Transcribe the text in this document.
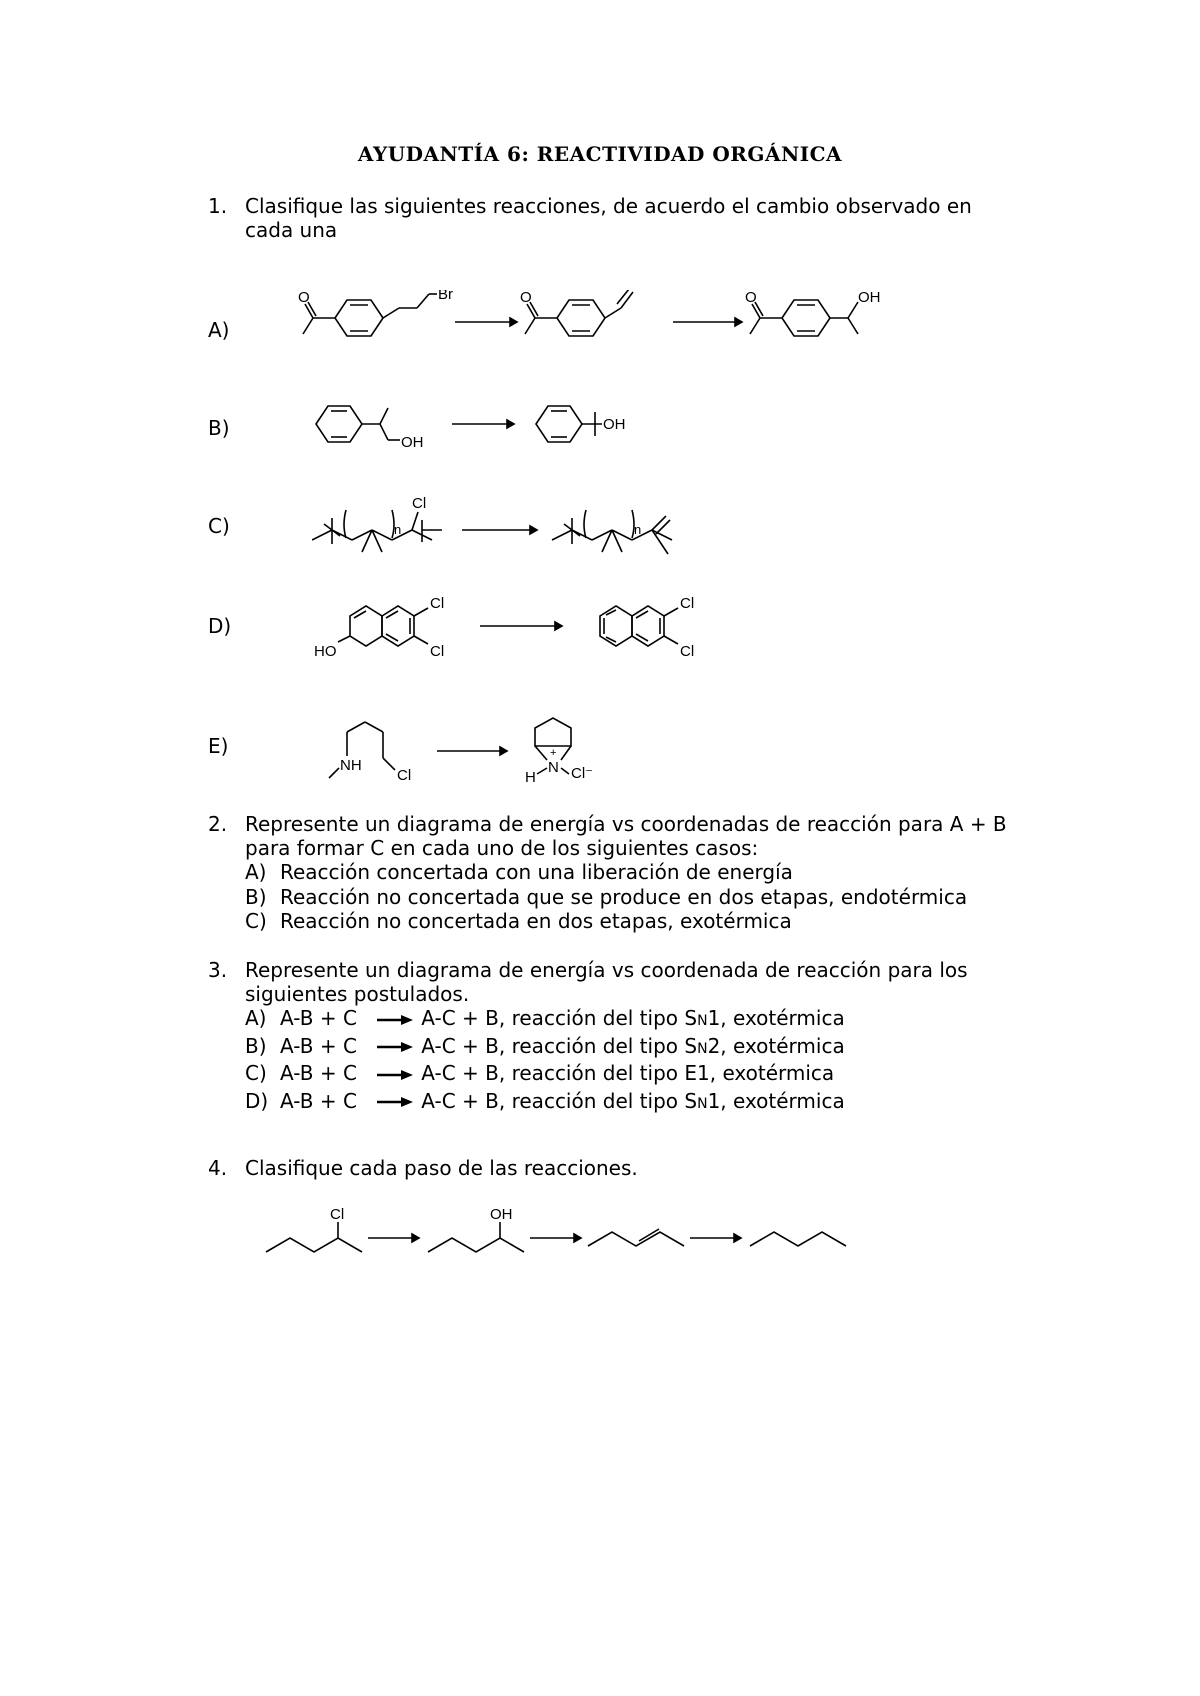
AYUDANTÍA 6: REACTIVIDAD ORGÁNICA
1. Clasifique las siguientes reacciones, de acuerdo el cambio observado en
cada una
A)
O	Br	O	O	OH
B)
OH
OH
C)	n
Cl
n
D)
HO
Cl
Cl
Cl
Cl
E)
NH
Cl
+
N
H Cl⁻
2. Represente un diagrama de energía vs coordenadas de reacción para A + B
para formar C en cada uno de los siguientes casos:
A) Reacción concertada con una liberación de energía
B) Reacción no concertada que se produce en dos etapas, endotérmica
C) Reacción no concertada en dos etapas, exotérmica
3. Represente un diagrama de energía vs coordenada de reacción para los
siguientes postulados.
A) A-B + C → A-C + B, reacción del tipo SN1, exotérmica
B) A-B + C → A-C + B, reacción del tipo SN2, exotérmica
C) A-B + C → A-C + B, reacción del tipo E1, exotérmica
D) A-B + C → A-C + B, reacción del tipo SN1, exotérmica
4. Clasifique cada paso de las reacciones.
Cl	OH
